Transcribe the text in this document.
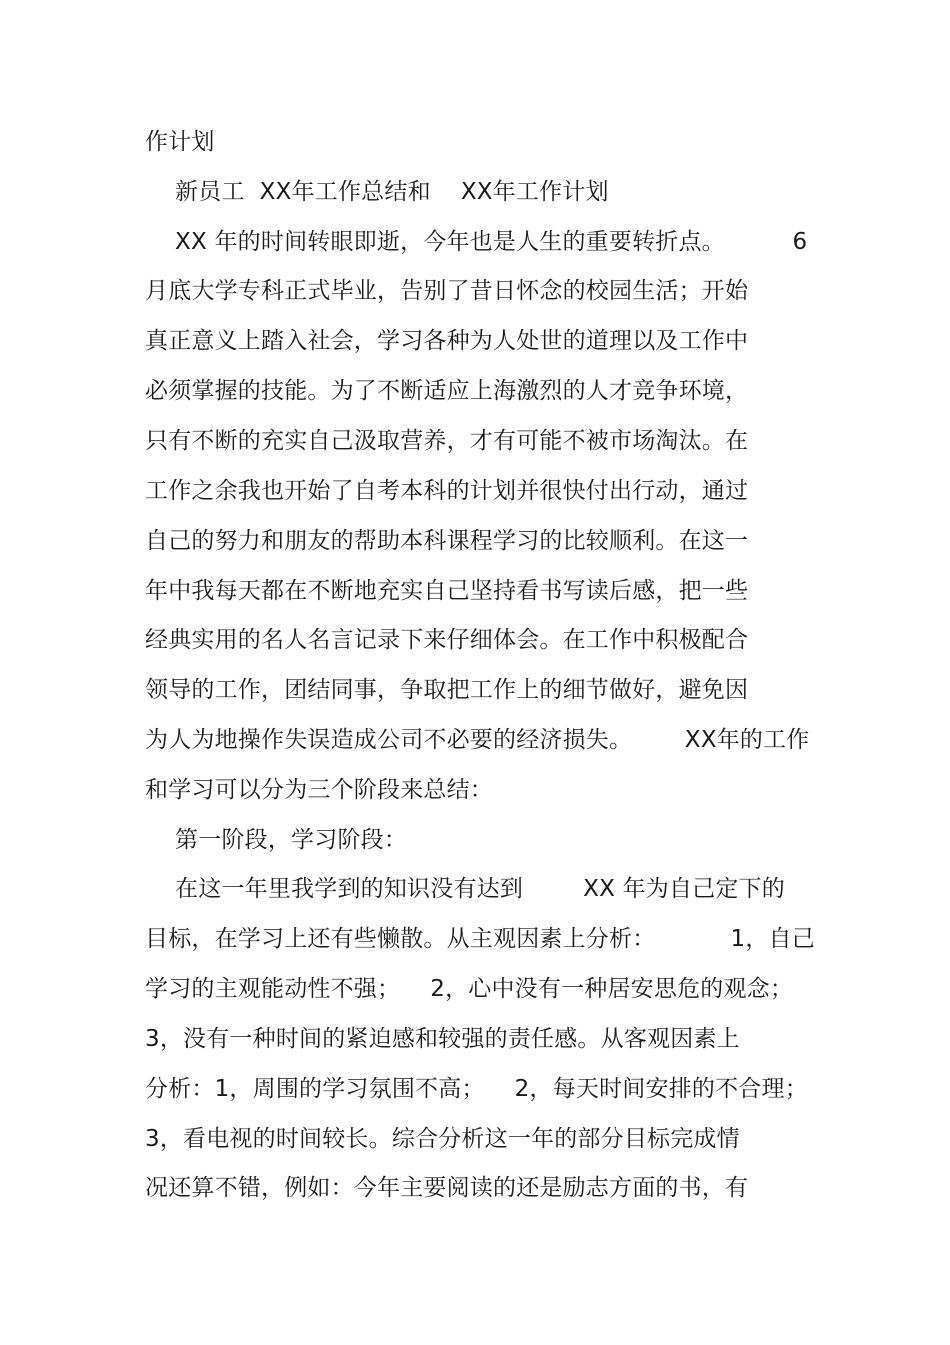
作计划
新员工  XX年工作总结和    XX年工作计划
XX 年的时间转眼即逝，今年也是人生的重要转折点。         6
月底大学专科正式毕业，告别了昔日怀念的校园生活；开始
真正意义上踏入社会，学习各种为人处世的道理以及工作中
必须掌握的技能。为了不断适应上海激烈的人才竞争环境，
只有不断的充实自己汲取营养，才有可能不被市场淘汰。在
工作之余我也开始了自考本科的计划并很快付出行动，通过
自己的努力和朋友的帮助本科课程学习的比较顺利。在这一
年中我每天都在不断地充实自己坚持看书写读后感，把一些
经典实用的名人名言记录下来仔细体会。在工作中积极配合
领导的工作，团结同事，争取把工作上的细节做好，避免因
为人为地操作失误造成公司不必要的经济损失。       XX年的工作
和学习可以分为三个阶段来总结：
第一阶段，学习阶段：
在这一年里我学到的知识没有达到        XX 年为自己定下的
目标，在学习上还有些懒散。从主观因素上分析：          1，自己
学习的主观能动性不强；    2，心中没有一种居安思危的观念；
3，没有一种时间的紧迫感和较强的责任感。从客观因素上
分析：1，周围的学习氛围不高；    2，每天时间安排的不合理；
3，看电视的时间较长。综合分析这一年的部分目标完成情
况还算不错，例如：今年主要阅读的还是励志方面的书，有
